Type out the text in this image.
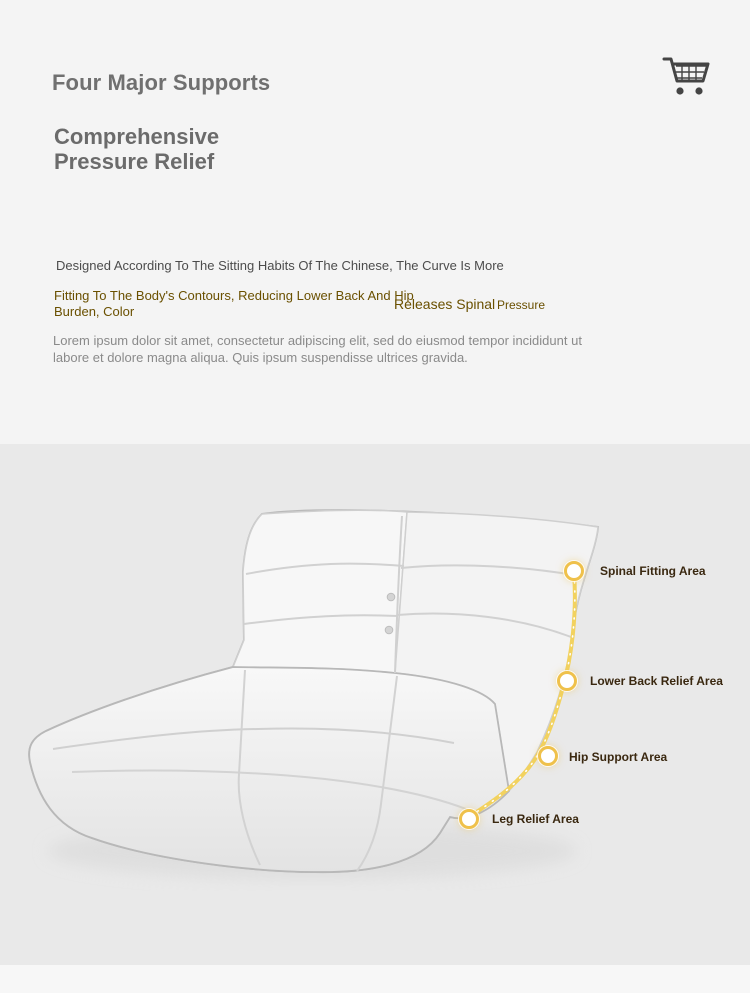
Four Major Supports
Comprehensive
Pressure Relief

Designed According To The Sitting Habits Of The Chinese, The Curve Is More

Fitting To The Body's Contours, Reducing Lower Back And Hip Burden, Color	Releases Spinal Pressure

Lorem ipsum dolor sit amet, consectetur adipiscing elit, sed do eiusmod tempor incididunt ut labore et dolore magna aliqua. Quis ipsum suspendisse ultrices gravida.

Spinal Fitting Area

Lower Back Relief Area

Hip Support Area

Leg Relief Area
